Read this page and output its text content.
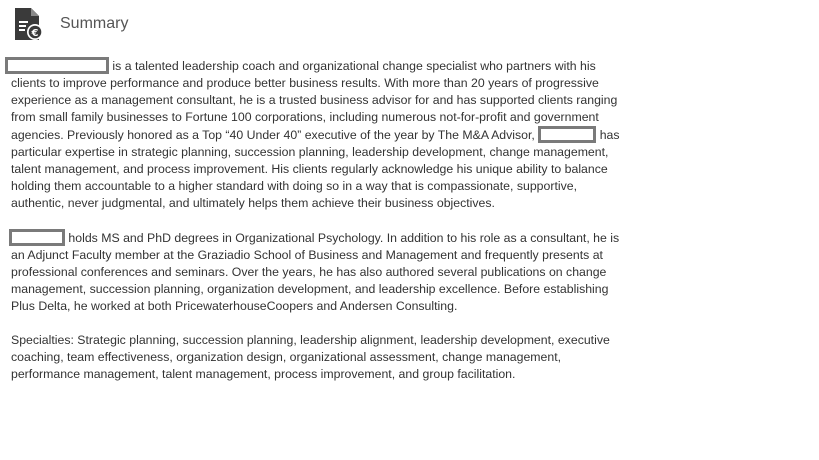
€
Summary

is a talented leadership coach and organizational change specialist who partners with his clients to improve performance and produce better business results. With more than 20 years of progressive experience as a management consultant, he is a trusted business advisor for and has supported clients ranging from small family businesses to Fortune 100 corporations, including numerous not-for-profit and government agencies. Previously honored as a Top “40 Under 40” executive of the year by The M&A Advisor,	has particular expertise in strategic planning, succession planning, leadership development, change management, talent management, and process improvement. His clients regularly acknowledge his unique ability to balance holding them accountable to a higher standard with doing so in a way that is compassionate, supportive, authentic, never judgmental, and ultimately helps them achieve their business objectives.

holds MS and PhD degrees in Organizational Psychology. In addition to his role as a consultant, he is an Adjunct Faculty member at the Graziadio School of Business and Management and frequently presents at professional conferences and seminars. Over the years, he has also authored several publications on change management, succession planning, organization development, and leadership excellence. Before establishing Plus Delta, he worked at both PricewaterhouseCoopers and Andersen Consulting.

Specialties: Strategic planning, succession planning, leadership alignment, leadership development, executive coaching, team effectiveness, organization design, organizational assessment, change management, performance management, talent management, process improvement, and group facilitation.
